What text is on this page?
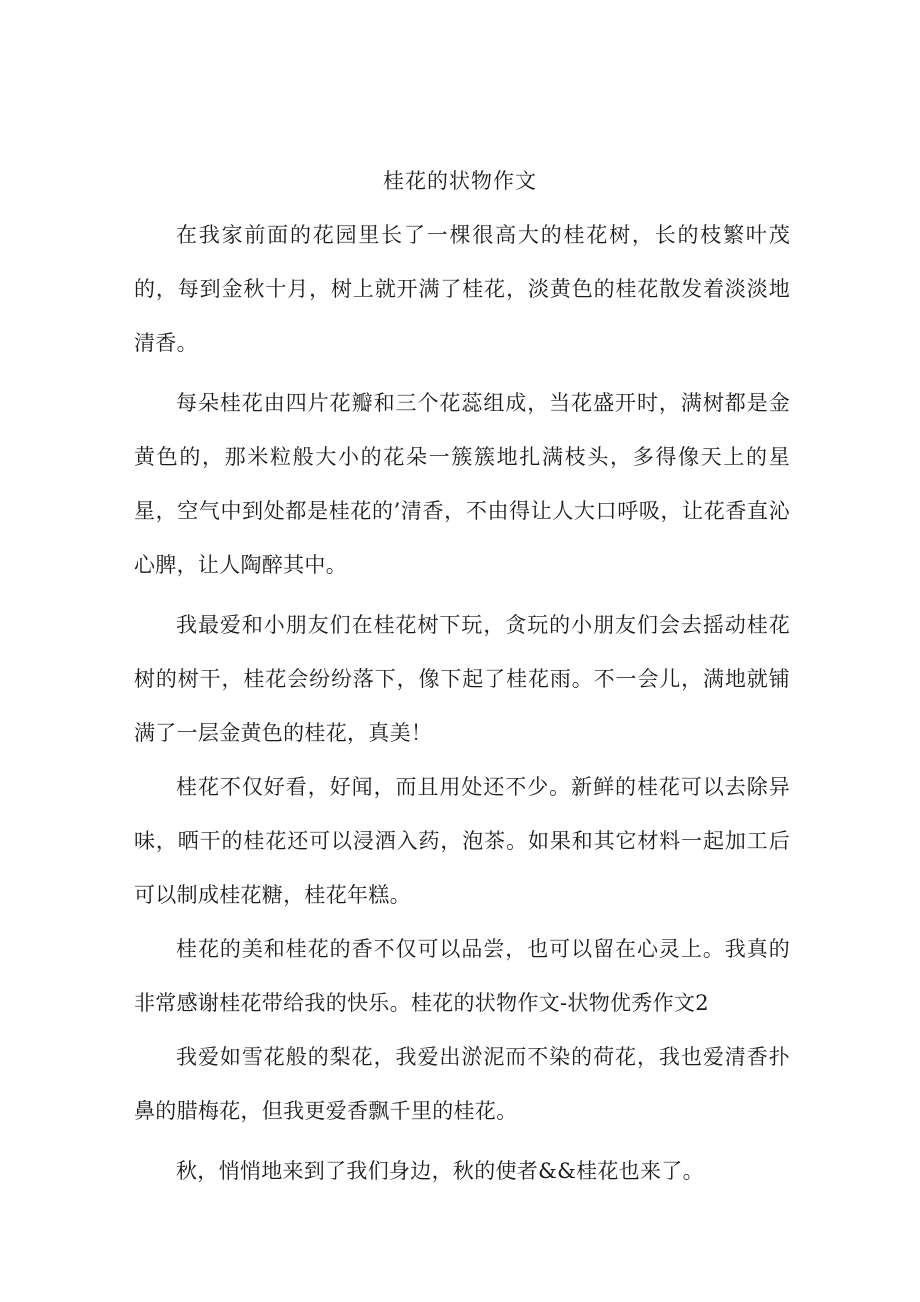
桂花的状物作文

在我家前面的花园里长了一棵很高大的桂花树，长的枝繁叶茂的，每到金秋十月，树上就开满了桂花，淡黄色的桂花散发着淡淡地清香。

每朵桂花由四片花瓣和三个花蕊组成，当花盛开时，满树都是金黄色的，那米粒般大小的花朵一簇簇地扎满枝头，多得像天上的星星，空气中到处都是桂花的’清香，不由得让人大口呼吸，让花香直沁心脾，让人陶醉其中。

我最爱和小朋友们在桂花树下玩，贪玩的小朋友们会去摇动桂花树的树干，桂花会纷纷落下，像下起了桂花雨。不一会儿，满地就铺满了一层金黄色的桂花，真美！

桂花不仅好看，好闻，而且用处还不少。新鲜的桂花可以去除异味，晒干的桂花还可以浸酒入药，泡茶。如果和其它材料一起加工后可以制成桂花糖，桂花年糕。

桂花的美和桂花的香不仅可以品尝，也可以留在心灵上。我真的非常感谢桂花带给我的快乐。桂花的状物作文-状物优秀作文2

我爱如雪花般的梨花，我爱出淤泥而不染的荷花，我也爱清香扑鼻的腊梅花，但我更爱香飘千里的桂花。

秋，悄悄地来到了我们身边，秋的使者&&桂花也来了。
